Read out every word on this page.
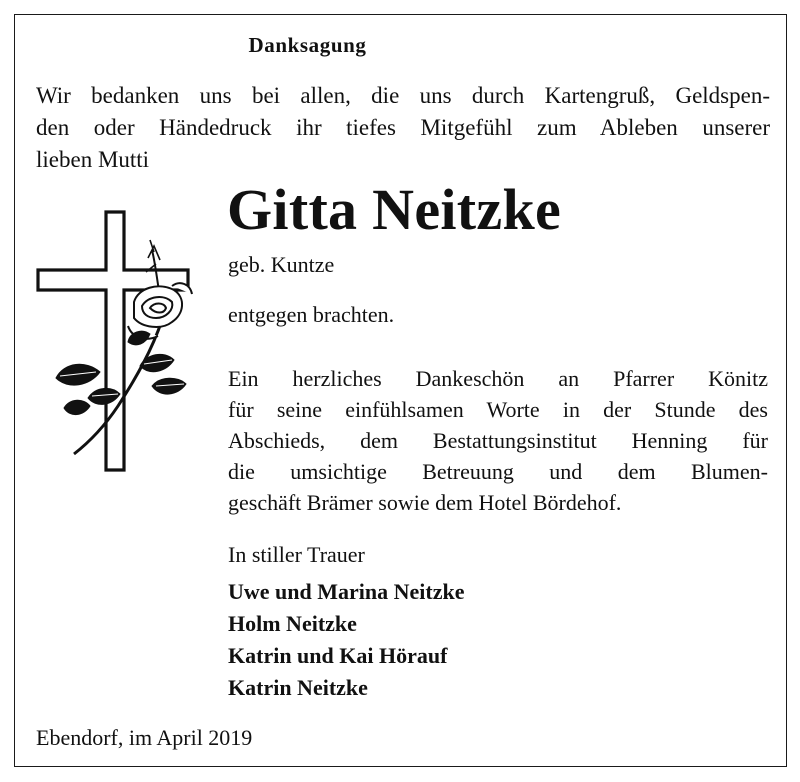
Danksagung
Wir bedanken uns bei allen, die uns durch Kartengruß, Geldspen-
den oder Händedruck ihr tiefes Mitgefühl zum Ableben unserer
lieben Mutti
Gitta Neitzke
geb. Kuntze
entgegen brachten.
Ein herzliches Dankeschön an Pfarrer Könitz
für seine einfühlsamen Worte in der Stunde des
Abschieds, dem Bestattungsinstitut Henning für
die umsichtige Betreuung und dem Blumen-
geschäft Brämer sowie dem Hotel Bördehof.
In stiller Trauer
Uwe und Marina Neitzke
Holm Neitzke
Katrin und Kai Hörauf
Katrin Neitzke
Ebendorf, im April 2019
